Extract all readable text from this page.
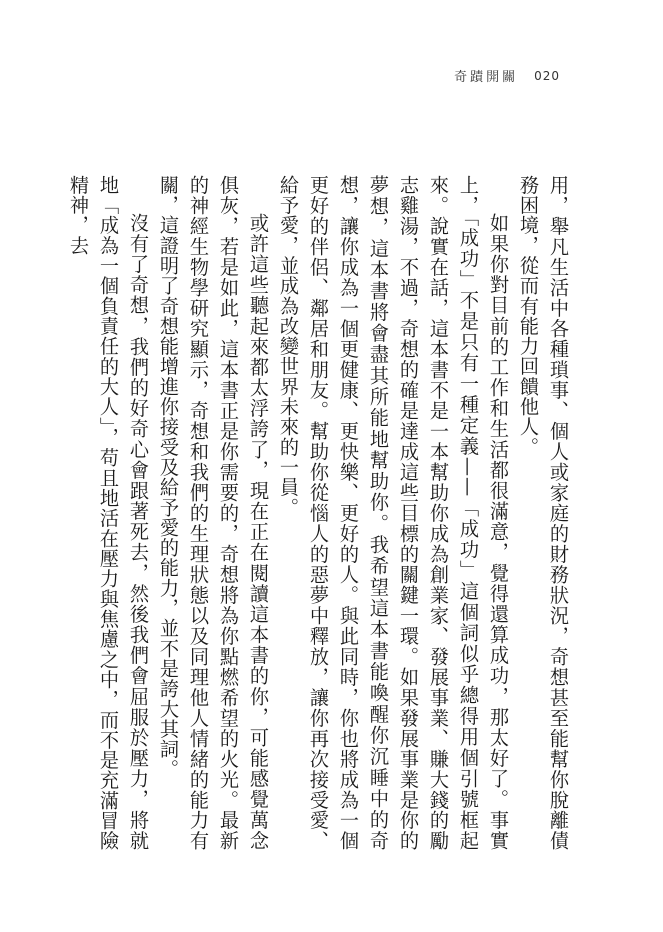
奇蹟開關 020

用，舉凡生活中各種瑣事、個人或家庭的財務狀況，奇想甚至能幫你脫離債務困境，從而有能力回饋他人。

如果你對目前的工作和生活都很滿意，覺得還算成功，那太好了。事實上，「成功」不是只有一種定義——「成功」這個詞似乎總得用個引號框起來。說實在話，這本書不是一本幫助你成為創業家、發展事業、賺大錢的勵志雞湯，不過，奇想的確是達成這些目標的關鍵一環。如果發展事業是你的夢想，這本書將會盡其所能地幫助你。我希望這本書能喚醒你沉睡中的奇想，讓你成為一個更健康、更快樂、更好的人。與此同時，你也將成為一個更好的伴侶、鄰居和朋友。幫助你從惱人的惡夢中釋放，讓你再次接受愛、給予愛，並成為改變世界未來的一員。

或許這些聽起來都太浮誇了，現在正在閱讀這本書的你，可能感覺萬念俱灰，若是如此，這本書正是你需要的，奇想將為你點燃希望的火光。最新的神經生物學研究顯示，奇想和我們的生理狀態以及同理他人情緒的能力有關，這證明了奇想能增進你接受及給予愛的能力，並不是誇大其詞。

沒有了奇想，我們的好奇心會跟著死去，然後我們會屈服於壓力，將就地「成為一個負責任的大人」，苟且地活在壓力與焦慮之中，而不是充滿冒險精神，去
